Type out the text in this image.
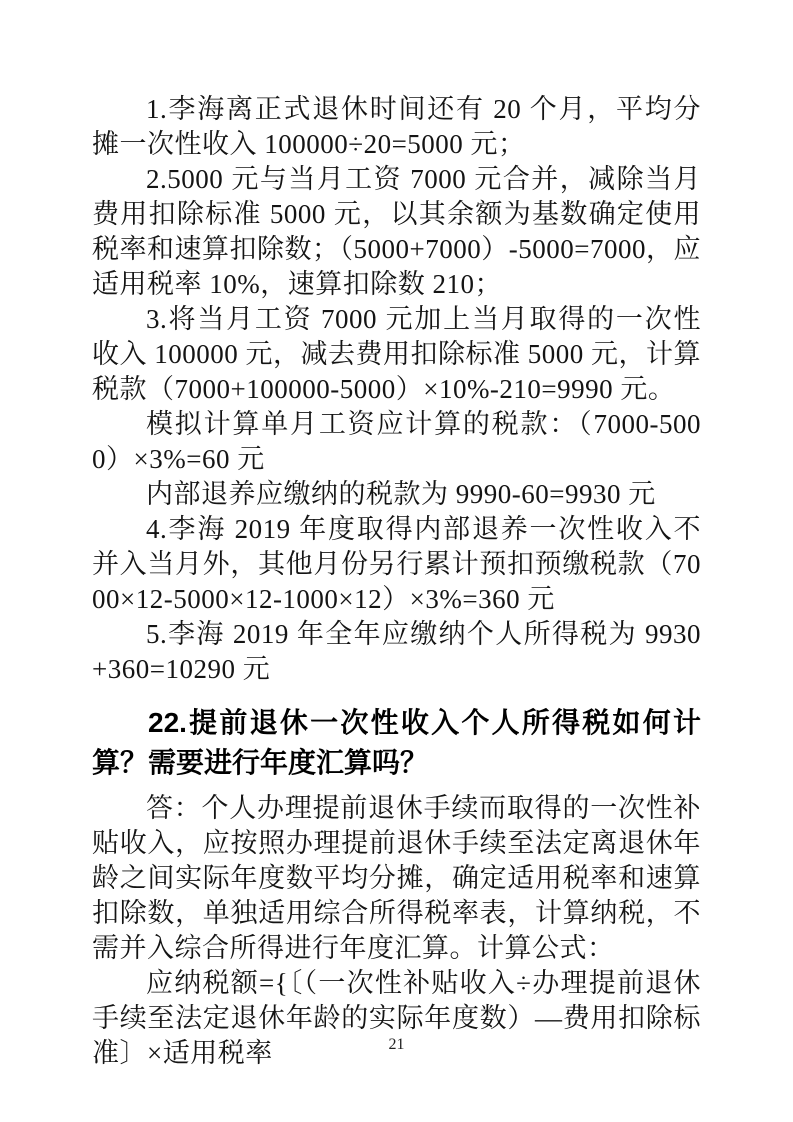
1.李海离正式退休时间还有 20 个月，平均分摊一次性收入 100000÷20=5000 元；

2.5000 元与当月工资 7000 元合并，减除当月费用扣除标准 5000 元，以其余额为基数确定使用税率和速算扣除数；（5000+7000）-5000=7000，应适用税率 10%，速算扣除数 210；

3.将当月工资 7000 元加上当月取得的一次性收入 100000 元，减去费用扣除标准 5000 元，计算税款（7000+100000-5000）×10%-210=9990 元。

模拟计算单月工资应计算的税款：（7000-5000）×3%=60 元

内部退养应缴纳的税款为 9990-60=9930 元

4.李海 2019 年度取得内部退养一次性收入不并入当月外，其他月份另行累计预扣预缴税款（7000×12-5000×12-1000×12）×3%=360 元

5.李海 2019 年全年应缴纳个人所得税为 9930+360=10290 元

22.提前退休一次性收入个人所得税如何计算？需要进行年度汇算吗？

答：个人办理提前退休手续而取得的一次性补贴收入，应按照办理提前退休手续至法定离退休年龄之间实际年度数平均分摊，确定适用税率和速算扣除数，单独适用综合所得税率表，计算纳税，不需并入综合所得进行年度汇算。计算公式：

应纳税额={〔（一次性补贴收入÷办理提前退休手续至法定退休年龄的实际年度数）—费用扣除标准〕×适用税率	21
